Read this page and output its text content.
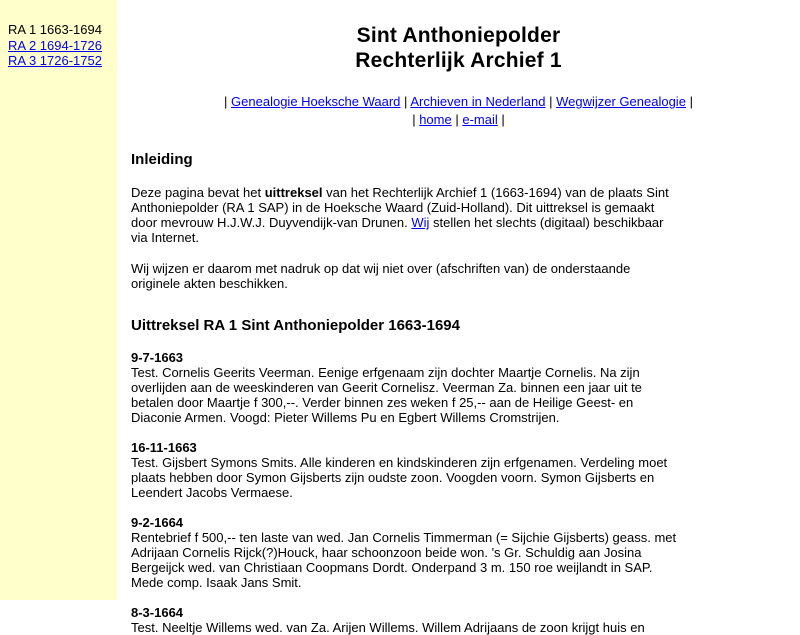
RA 1 1663-1694
RA 2 1694-1726
RA 3 1726-1752
Sint Anthoniepolder
Rechterlijk Archief 1
| Genealogie Hoeksche Waard | Archieven in Nederland | Wegwijzer Genealogie |
| home | e-mail |
Inleiding

Deze pagina bevat het uittreksel van het Rechterlijk Archief 1 (1663-1694) van de plaats Sint Anthoniepolder (RA 1 SAP) in de Hoeksche Waard (Zuid-Holland). Dit uittreksel is gemaakt door mevrouw H.J.W.J. Duyvendijk-van Drunen. Wij stellen het slechts (digitaal) beschikbaar via Internet.

Wij wijzen er daarom met nadruk op dat wij niet over (afschriften van) de onderstaande originele akten beschikken.

Uittreksel RA 1 Sint Anthoniepolder 1663-1694
9-7-1663
Test. Cornelis Geerits Veerman. Eenige erfgenaam zijn dochter Maartje Cornelis. Na zijn overlijden aan de weeskinderen van Geerit Cornelisz. Veerman Za. binnen een jaar uit te betalen door Maartje f 300,--. Verder binnen zes weken f 25,-- aan de Heilige Geest- en Diaconie Armen. Voogd: Pieter Willems Pu en Egbert Willems Cromstrijen.
16-11-1663
Test. Gijsbert Symons Smits. Alle kinderen en kindskinderen zijn erfgenamen. Verdeling moet plaats hebben door Symon Gijsberts zijn oudste zoon. Voogden voorn. Symon Gijsberts en Leendert Jacobs Vermaese.
9-2-1664
Rentebrief f 500,-- ten laste van wed. Jan Cornelis Timmerman (= Sijchie Gijsberts) geass. met Adrijaan Cornelis Rijck(?)Houck, haar schoonzoon beide won. 's Gr. Schuldig aan Josina Bergeijck wed. van Christiaan Coopmans Dordt. Onderpand 3 m. 150 roe weijlandt in SAP. Mede comp. Isaak Jans Smit.
8-3-1664
Test. Neeltje Willems wed. van Za. Arijen Willems. Willem Adrijaans de zoon krijgt huis en
